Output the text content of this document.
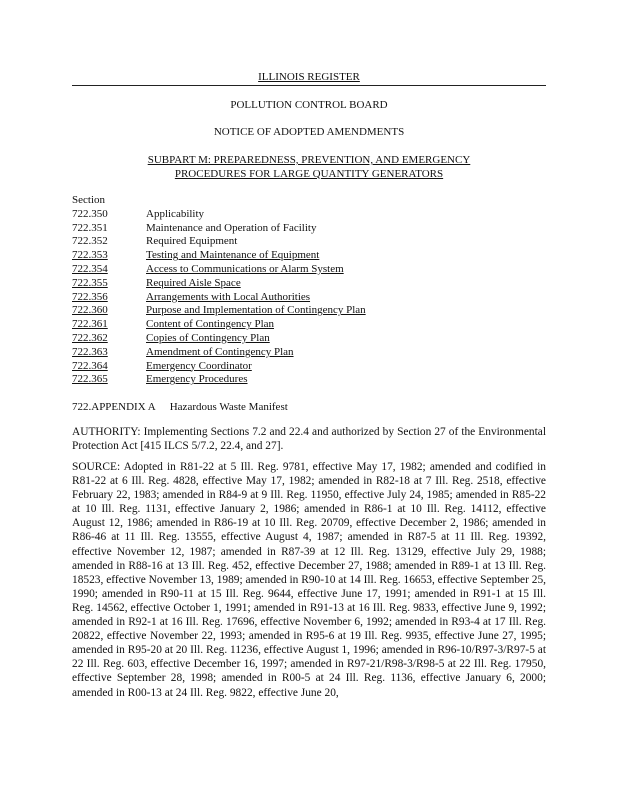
ILLINOIS REGISTER
POLLUTION CONTROL BOARD
NOTICE OF ADOPTED AMENDMENTS
SUBPART M: PREPAREDNESS, PREVENTION, AND EMERGENCY
PROCEDURES FOR LARGE QUANTITY GENERATORS
Section
722.350	Applicability
722.351	Maintenance and Operation of Facility
722.352	Required Equipment
722.353	Testing and Maintenance of Equipment
722.354	Access to Communications or Alarm System
722.355	Required Aisle Space
722.356	Arrangements with Local Authorities
722.360	Purpose and Implementation of Contingency Plan
722.361	Content of Contingency Plan
722.362	Copies of Contingency Plan
722.363	Amendment of Contingency Plan
722.364	Emergency Coordinator
722.365	Emergency Procedures
722.APPENDIX A Hazardous Waste Manifest
AUTHORITY: Implementing Sections 7.2 and 22.4 and authorized by Section 27 of the Environmental Protection Act [415 ILCS 5/7.2, 22.4, and 27].
SOURCE: Adopted in R81-22 at 5 Ill. Reg. 9781, effective May 17, 1982; amended and codified in R81-22 at 6 Ill. Reg. 4828, effective May 17, 1982; amended in R82-18 at 7 Ill. Reg. 2518, effective February 22, 1983; amended in R84-9 at 9 Ill. Reg. 11950, effective July 24, 1985; amended in R85-22 at 10 Ill. Reg. 1131, effective January 2, 1986; amended in R86-1 at 10 Ill. Reg. 14112, effective August 12, 1986; amended in R86-19 at 10 Ill. Reg. 20709, effective December 2, 1986; amended in R86-46 at 11 Ill. Reg. 13555, effective August 4, 1987; amended in R87-5 at 11 Ill. Reg. 19392, effective November 12, 1987; amended in R87-39 at 12 Ill. Reg. 13129, effective July 29, 1988; amended in R88-16 at 13 Ill. Reg. 452, effective December 27, 1988; amended in R89-1 at 13 Ill. Reg. 18523, effective November 13, 1989; amended in R90-10 at 14 Ill. Reg. 16653, effective September 25, 1990; amended in R90-11 at 15 Ill. Reg. 9644, effective June 17, 1991; amended in R91-1 at 15 Ill. Reg. 14562, effective October 1, 1991; amended in R91-13 at 16 Ill. Reg. 9833, effective June 9, 1992; amended in R92-1 at 16 Ill. Reg. 17696, effective November 6, 1992; amended in R93-4 at 17 Ill. Reg. 20822, effective November 22, 1993; amended in R95-6 at 19 Ill. Reg. 9935, effective June 27, 1995; amended in R95-20 at 20 Ill. Reg. 11236, effective August 1, 1996; amended in R96-10/R97-3/R97-5 at 22 Ill. Reg. 603, effective December 16, 1997; amended in R97-21/R98-3/R98-5 at 22 Ill. Reg. 17950, effective September 28, 1998; amended in R00-5 at 24 Ill. Reg. 1136, effective January 6, 2000; amended in R00-13 at 24 Ill. Reg. 9822, effective June 20,
